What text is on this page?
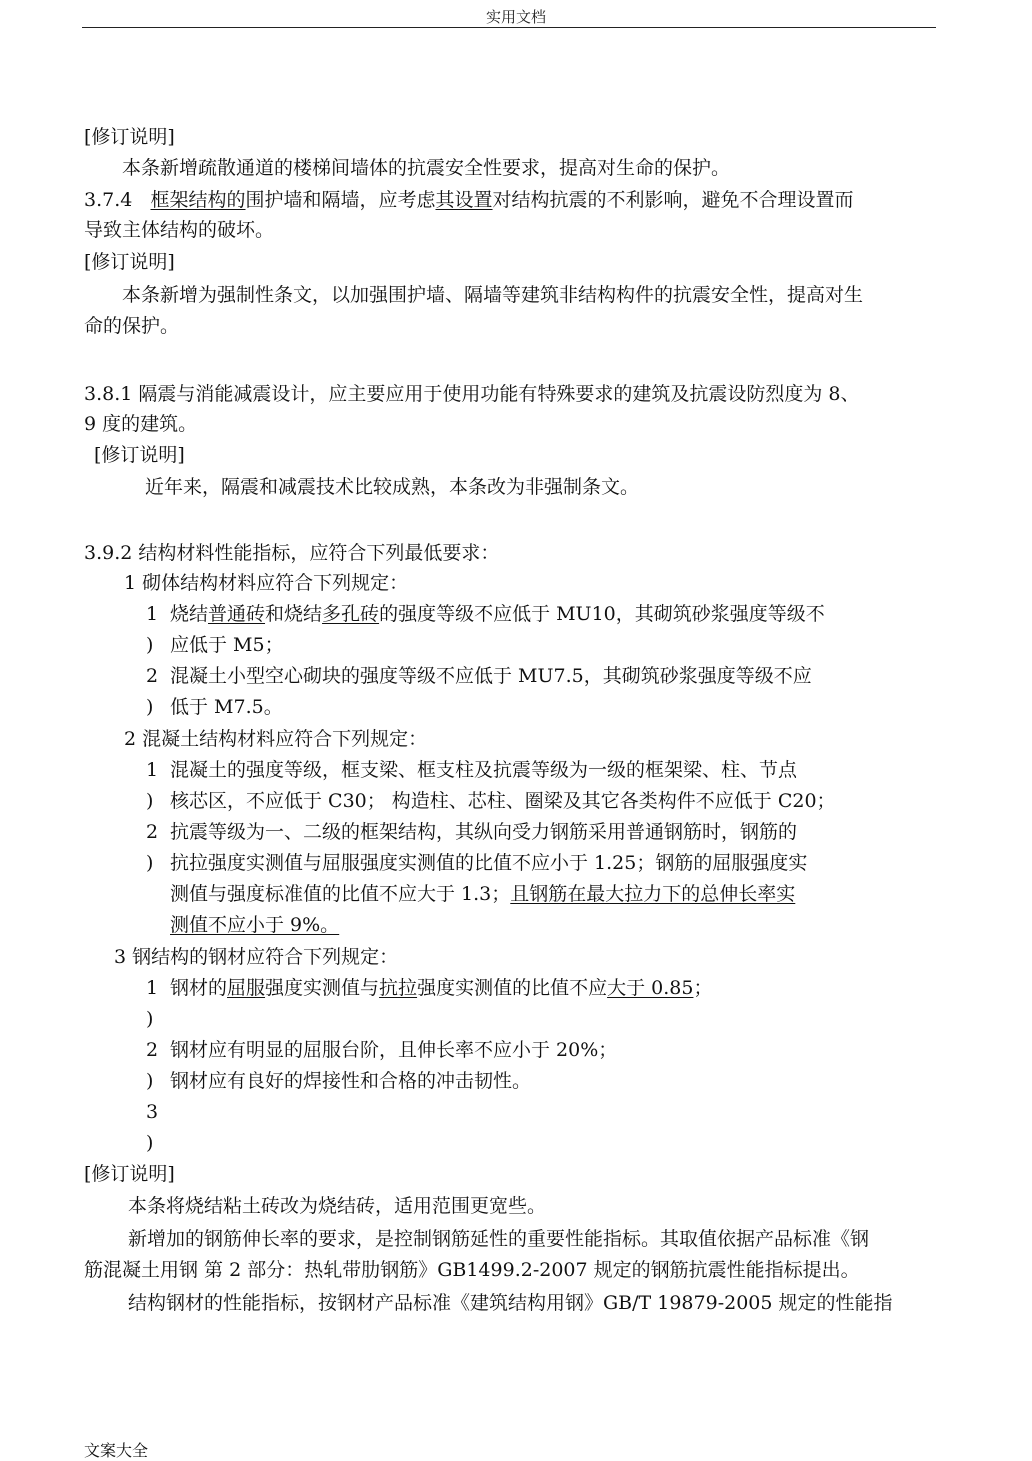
实用文档
[修订说明]
本条新增疏散通道的楼梯间墙体的抗震安全性要求，提高对生命的保护。
3.7.4 框架结构的围护墙和隔墙，应考虑其设置对结构抗震的不利影响，避免不合理设置而
导致主体结构的破坏。
[修订说明]
本条新增为强制性条文，以加强围护墙、隔墙等建筑非结构构件的抗震安全性，提高对生
命的保护。
3.8.1 隔震与消能减震设计，应主要应用于使用功能有特殊要求的建筑及抗震设防烈度为 8、
9 度的建筑。
[修订说明]
近年来，隔震和减震技术比较成熟，本条改为非强制条文。
3.9.2 结构材料性能指标，应符合下列最低要求：
1 砌体结构材料应符合下列规定：
1 烧结普通砖和烧结多孔砖的强度等级不应低于 MU10，其砌筑砂浆强度等级不
) 应低于 M5；
2 混凝土小型空心砌块的强度等级不应低于 MU7.5，其砌筑砂浆强度等级不应
) 低于 M7.5。
2 混凝土结构材料应符合下列规定：
1 混凝土的强度等级，框支梁、框支柱及抗震等级为一级的框架梁、柱、节点
) 核芯区，不应低于 C30； 构造柱、芯柱、圈梁及其它各类构件不应低于 C20；
2 抗震等级为一、二级的框架结构，其纵向受力钢筋采用普通钢筋时，钢筋的
) 抗拉强度实测值与屈服强度实测值的比值不应小于 1.25；钢筋的屈服强度实
测值与强度标准值的比值不应大于 1.3；且钢筋在最大拉力下的总伸长率实
测值不应小于 9%。
3 钢结构的钢材应符合下列规定：
1 钢材的屈服强度实测值与抗拉强度实测值的比值不应大于 0.85；
)
2 钢材应有明显的屈服台阶，且伸长率不应小于 20%；
) 钢材应有良好的焊接性和合格的冲击韧性。
3
)
[修订说明]
本条将烧结粘土砖改为烧结砖，适用范围更宽些。
新增加的钢筋伸长率的要求，是控制钢筋延性的重要性能指标。其取值依据产品标准《钢
筋混凝土用钢 第 2 部分：热轧带肋钢筋》GB1499.2-2007 规定的钢筋抗震性能指标提出。
结构钢材的性能指标，按钢材产品标准《建筑结构用钢》GB/T 19879-2005 规定的性能指
文案大全
